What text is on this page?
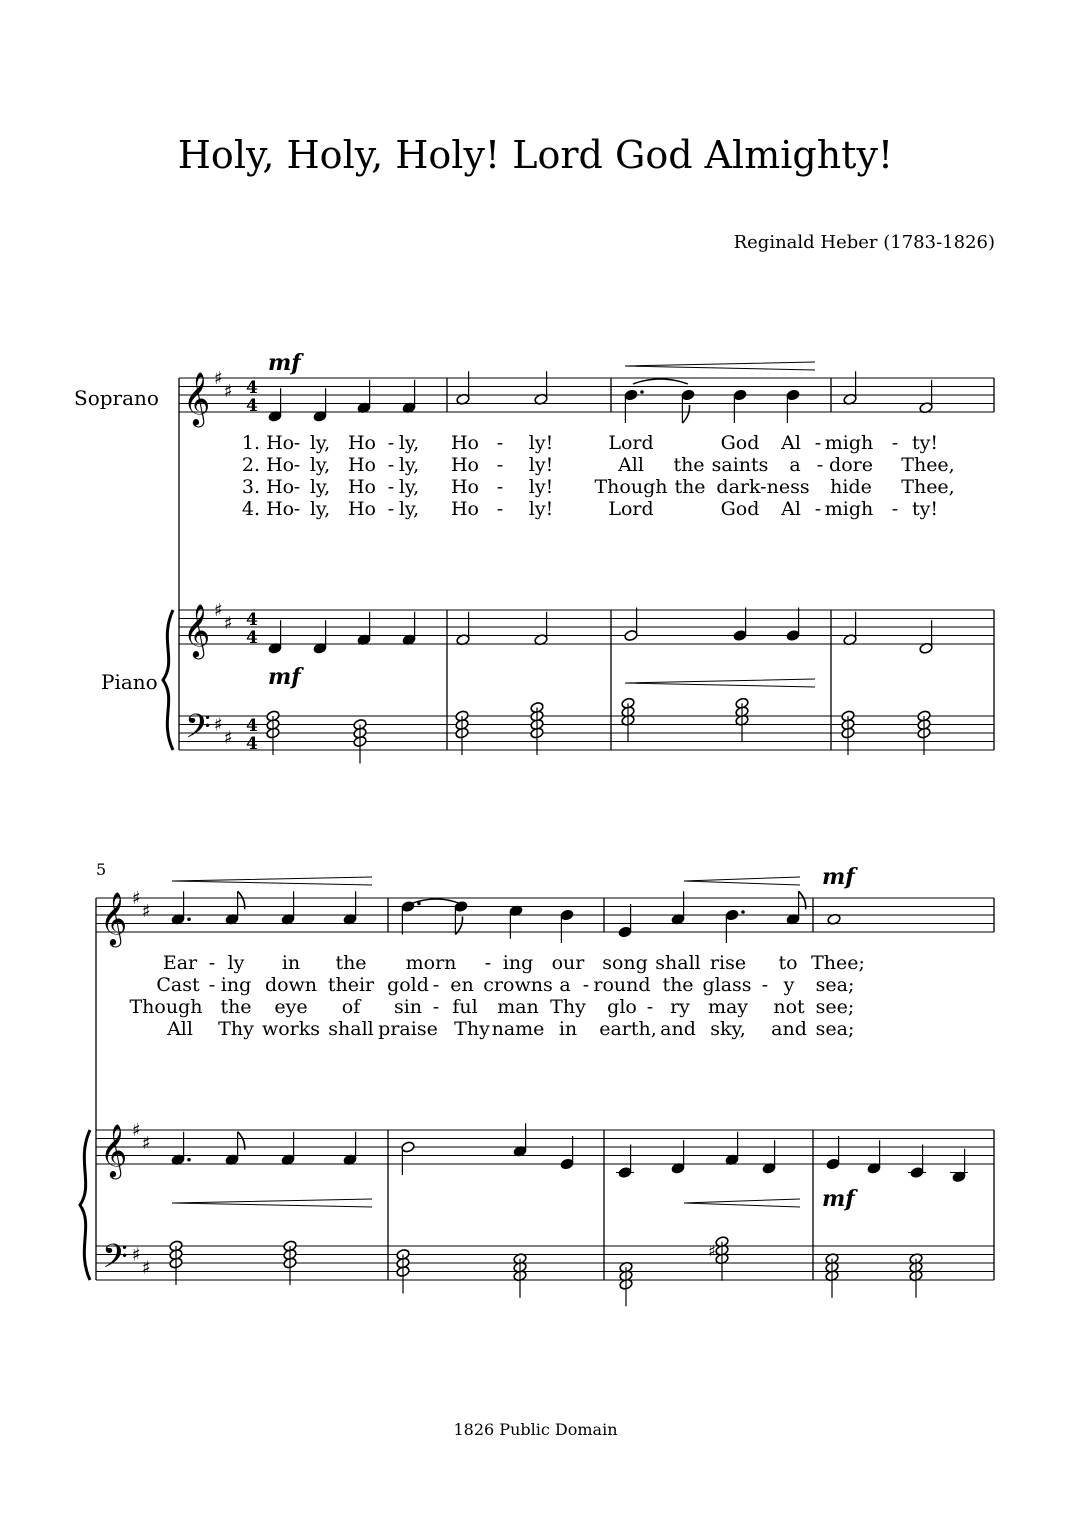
Holy, Holy, Holy! Lord God Almighty!
Reginald Heber (1783-1826)
Soprano
Piano
5
𝄞 ♯
♯ 4
4
𝄞 ♯
♯ 4
4
𝄢 ♯
♯
4
4
mf
mf
𝄞 ♯
♯
𝄞 ♯
♯
𝄢 ♯
♯
mf
mf
♯
1. Ho - ly, Ho - ly, Ho - ly!	Lord	God Al - migh - ty!
2. Ho - ly, Ho - ly, Ho - ly!	All the saints a - dore Thee,
3. Ho - ly, Ho - ly, Ho - ly! Though the dark-ness hide Thee,
4. Ho - ly, Ho - ly, Ho - ly!	Lord	God Al - migh - ty!
Ear - ly in the morn - ing our song shall rise to Thee;
Cast - ing down their gold - en crowns a - round the glass - y sea;
Though the eye of sin - ful man Thy glo - ry may not see;
All Thy works shall praise Thy name in earth, and sky, and sea;
1826 Public Domain
